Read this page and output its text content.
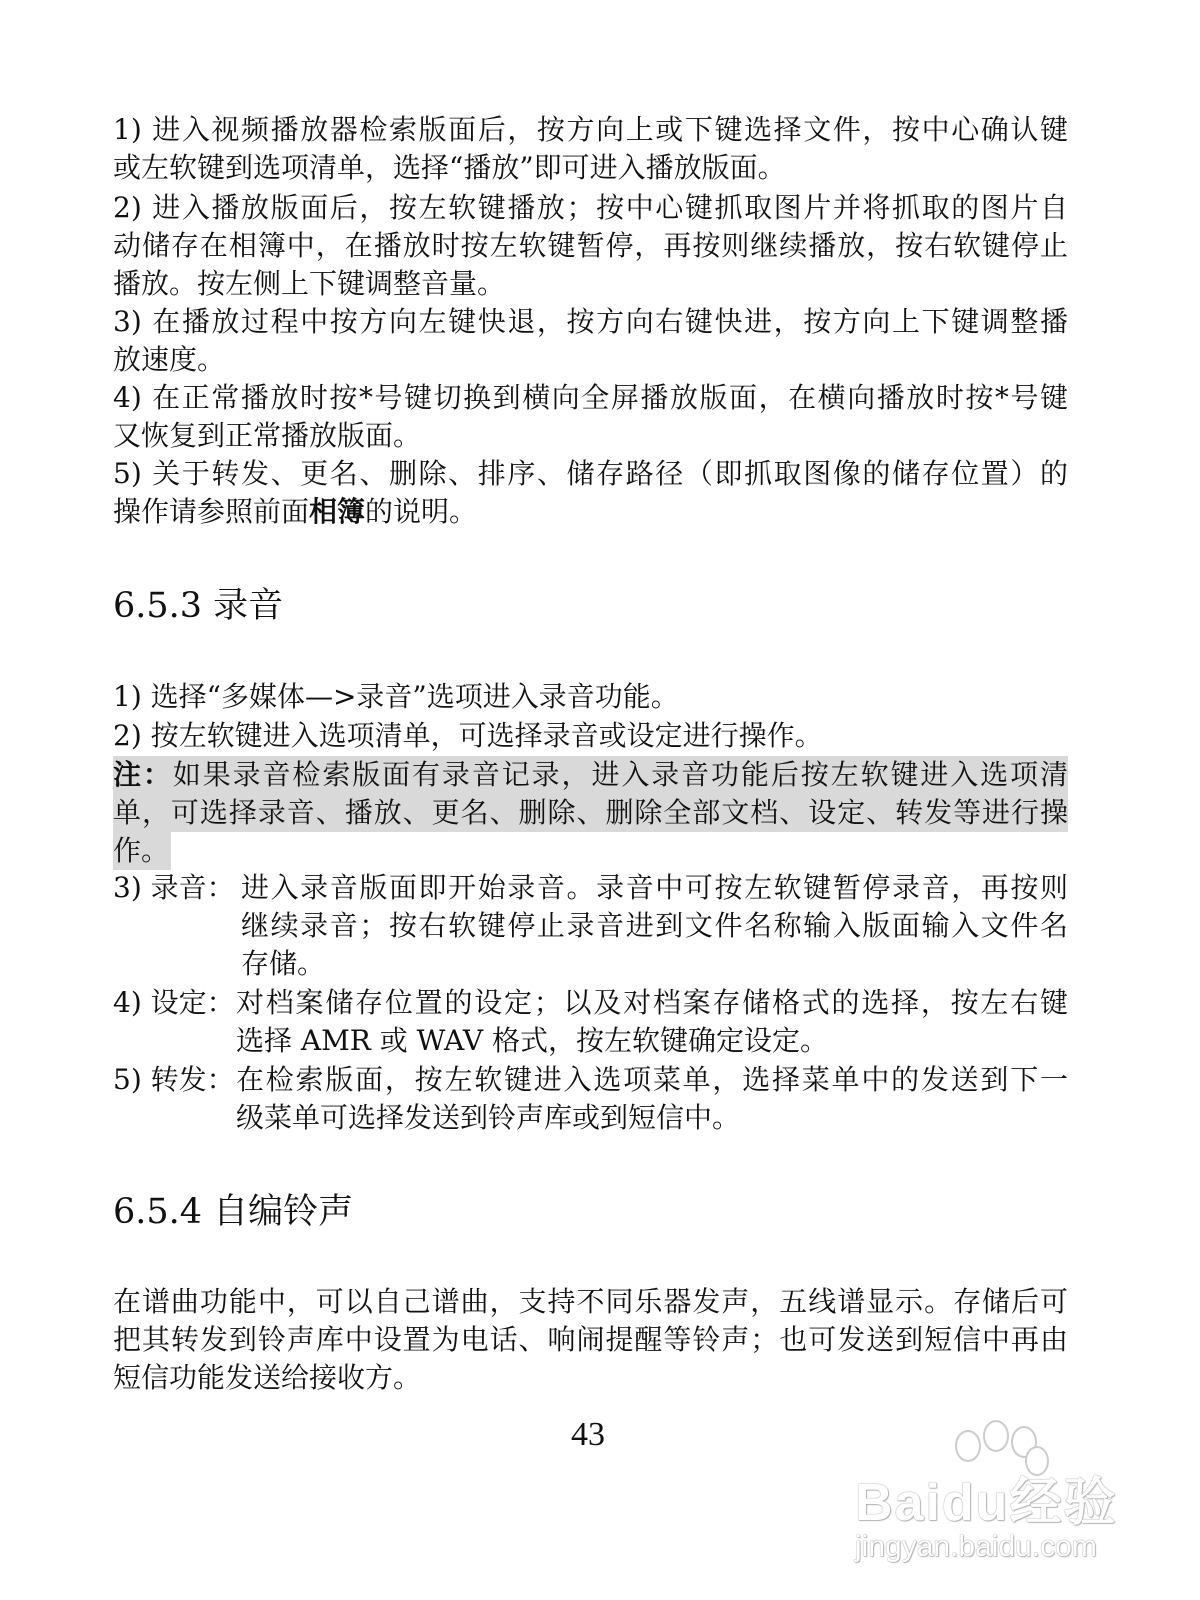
1) 进入视频播放器检索版面后，按方向上或下键选择文件，按中心确认键
或左软键到选项清单，选择“播放”即可进入播放版面。
2) 进入播放版面后，按左软键播放；按中心键抓取图片并将抓取的图片自
动储存在相簿中，在播放时按左软键暂停，再按则继续播放，按右软键停止
播放。按左侧上下键调整音量。
3) 在播放过程中按方向左键快退，按方向右键快进，按方向上下键调整播
放速度。
4) 在正常播放时按*号键切换到横向全屏播放版面，在横向播放时按*号键
又恢复到正常播放版面。
5) 关于转发、更名、删除、排序、储存路径（即抓取图像的储存位置）的
操作请参照前面相簿的说明。
6.5.3 录音
1) 选择“多媒体—>录音”选项进入录音功能。
2) 按左软键进入选项清单，可选择录音或设定进行操作。
注：如果录音检索版面有录音记录，进入录音功能后按左软键进入选项清
单，可选择录音、播放、更名、删除、删除全部文档、设定、转发等进行操
作。
3) 录音： 进入录音版面即开始录音。录音中可按左软键暂停录音，再按则
继续录音；按右软键停止录音进到文件名称输入版面输入文件名
存储。
4) 设定： 对档案储存位置的设定；以及对档案存储格式的选择，按左右键
选择 AMR 或 WAV 格式，按左软键确定设定。
5) 转发： 在检索版面，按左软键进入选项菜单，选择菜单中的发送到下一
级菜单可选择发送到铃声库或到短信中。
6.5.4 自编铃声
在谱曲功能中，可以自己谱曲，支持不同乐器发声，五线谱显示。存储后可
把其转发到铃声库中设置为电话、响闹提醒等铃声；也可发送到短信中再由
短信功能发送给接收方。
43
Baidu经验
jingyan.baidu.com
